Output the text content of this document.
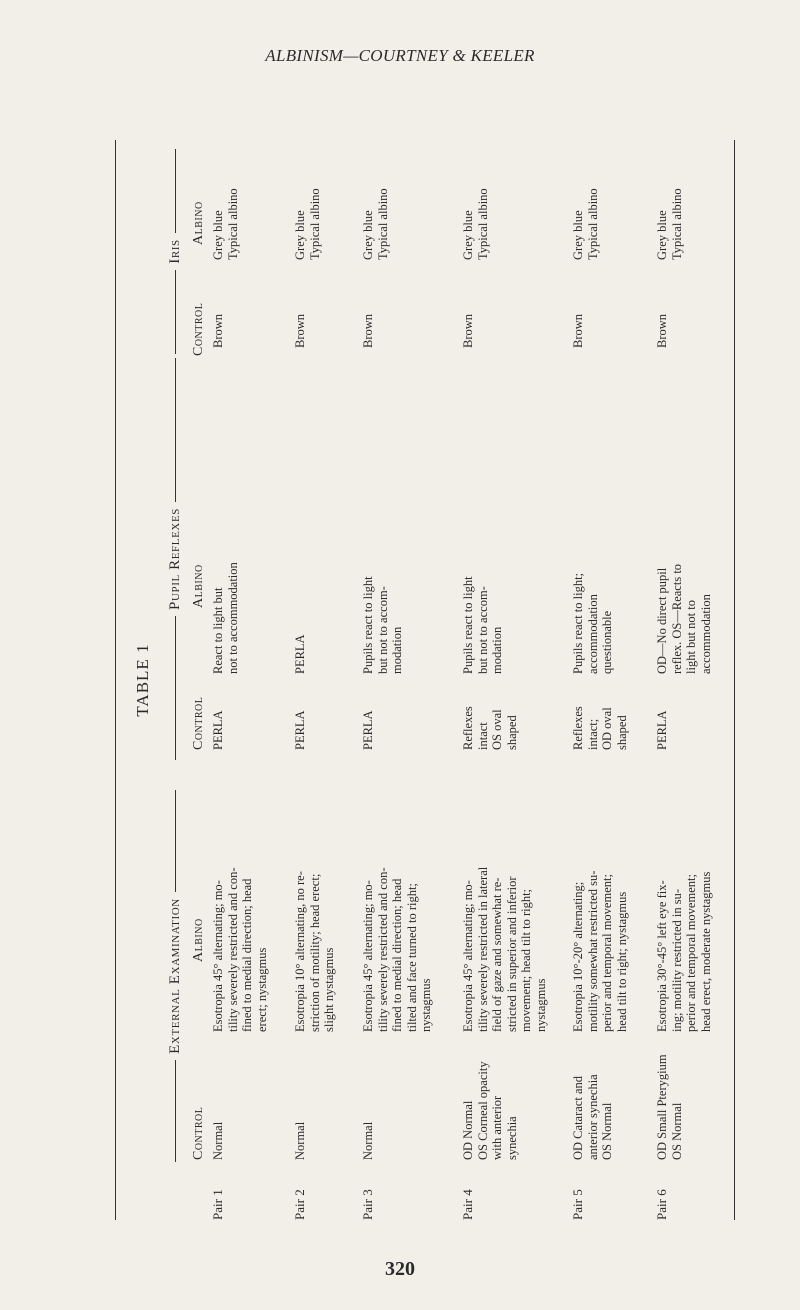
ALBINISM—COURTNEY & KEELER
TABLE 1
External Examination
Pupil Reflexes
Iris
Control
Albino
Control
Albino
Control
Albino
Pair 1
Normal
Esotropia 45° alternating; mo-
tility severely restricted and con-
fined to medial direction; head
erect; nystagmus
PERLA
React to light but
not to accommodation
Brown
Grey blue
Typical albino
Pair 2
Normal
Esotropia 10° alternating, no re-
striction of motility; head erect;
slight nystagmus
PERLA
PERLA
Brown
Grey blue
Typical albino
Pair 3
Normal
Esotropia 45° alternating; mo-
tility severely restricted and con-
fined to medial direction; head
tilted and face turned to right;
nystagmus
PERLA
Pupils react to light
but not to accom-
modation
Brown
Grey blue
Typical albino
Pair 4
OD Normal
OS Corneal opacity
with anterior
synechia
Esotropia 45° alternating; mo-
tility severely restricted in lateral
field of gaze and somewhat re-
stricted in superior and inferior
movement; head tilt to right;
nystagmus
Reflexes
intact
OS oval
shaped
Pupils react to light
but not to accom-
modation
Brown
Grey blue
Typical albino
Pair 5
OD Cataract and
anterior synechia
OS Normal
Esotropia 10°-20° alternating;
motility somewhat restricted su-
perior and temporal movement;
head tilt to right; nystagmus
Reflexes
intact;
OD oval
shaped
Pupils react to light;
accommodation
questionable
Brown
Grey blue
Typical albino
Pair 6
OD Small Pterygium
OS Normal
Esotropia 30°-45° left eye fix-
ing; motility restricted in su-
perior and temporal movement;
head erect, moderate nystagmus
PERLA
OD—No direct pupil
reflex. OS—Reacts to
light but not to
accommodation
Brown
Grey blue
Typical albino
320
